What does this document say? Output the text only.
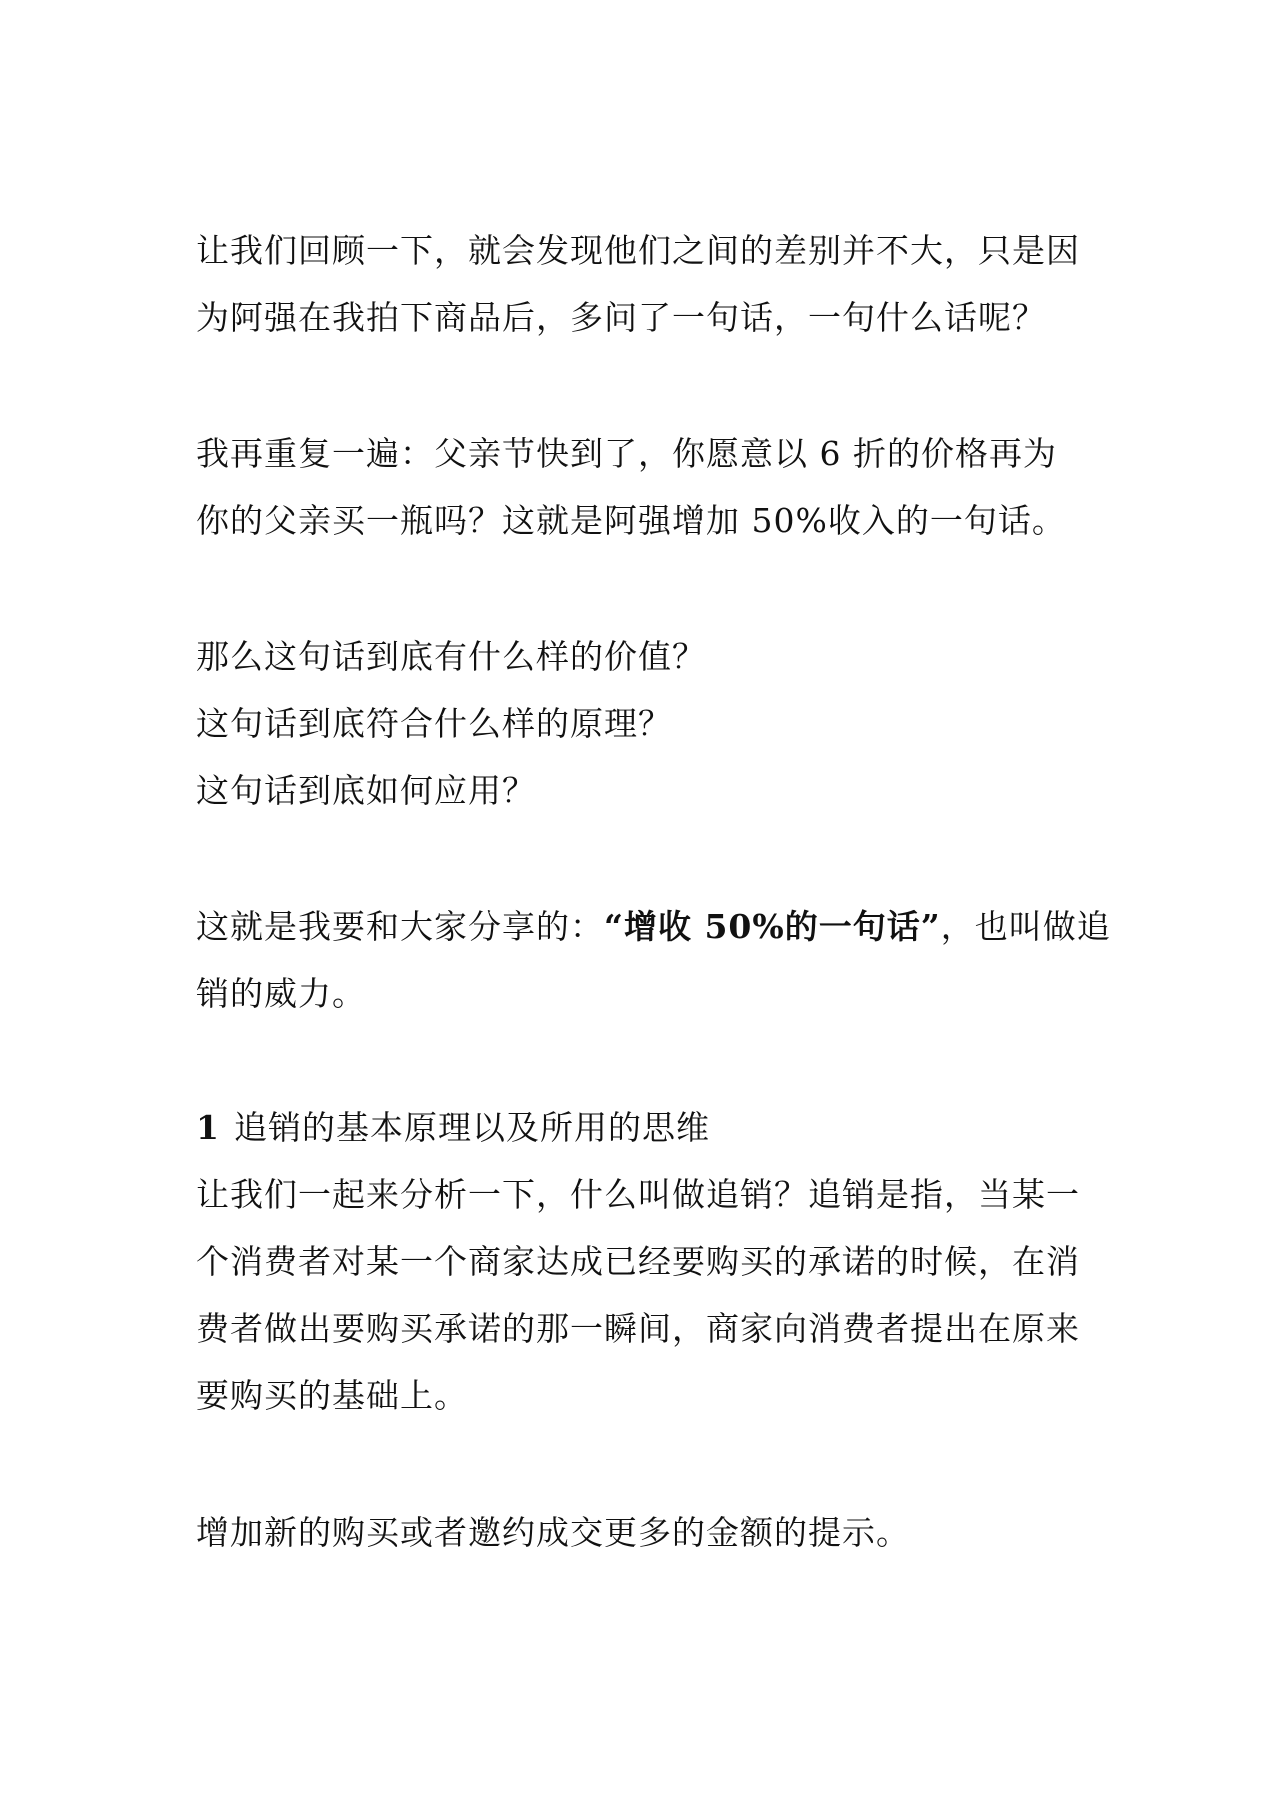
让我们回顾一下，就会发现他们之间的差别并不大，只是因
为阿强在我拍下商品后，多问了一句话，一句什么话呢？
我再重复一遍：父亲节快到了，你愿意以 6 折的价格再为
你的父亲买一瓶吗？这就是阿强增加 50%收入的一句话。
那么这句话到底有什么样的价值？
这句话到底符合什么样的原理？
这句话到底如何应用？
这就是我要和大家分享的：“增收 50%的一句话”，也叫做追
销的威力。
1 追销的基本原理以及所用的思维
让我们一起来分析一下，什么叫做追销？追销是指，当某一
个消费者对某一个商家达成已经要购买的承诺的时候，在消
费者做出要购买承诺的那一瞬间，商家向消费者提出在原来
要购买的基础上。
增加新的购买或者邀约成交更多的金额的提示。
